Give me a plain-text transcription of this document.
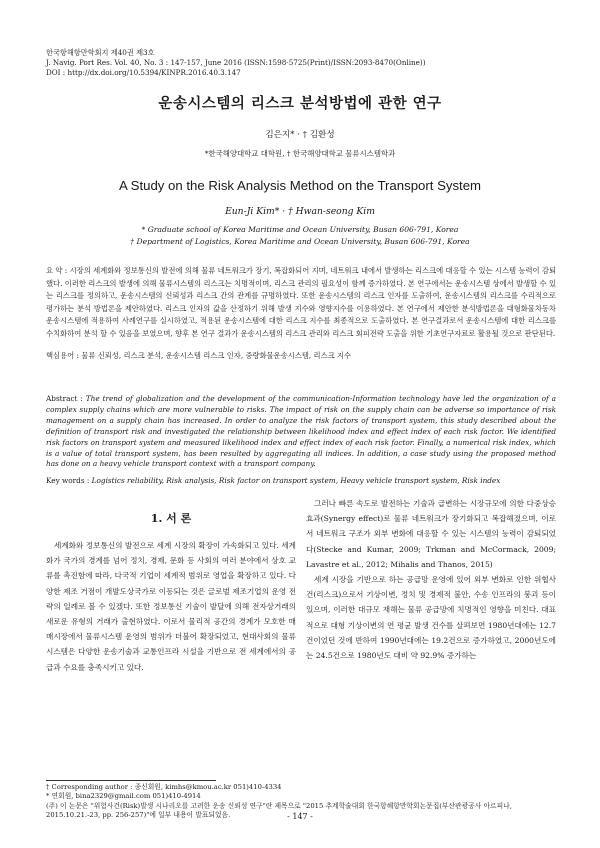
한국항해항만학회지 제40권 제3호
J. Navig. Port Res. Vol. 40, No. 3 : 147-157, June 2016 (ISSN:1598-5725(Print)/ISSN:2093-8470(Online))
DOI : http://dx.doi.org/10.5394/KINPR.2016.40.3.147
운송시스템의 리스크 분석방법에 관한 연구
김은지* · † 김환성
*한국해양대학교 대학원, † 한국해양대학교 물류시스템학과
A Study on the Risk Analysis Method on the Transport System
Eun-Ji Kim* · † Hwan-seong Kim
* Graduate school of Korea Maritime and Ocean University, Busan 606-791, Korea
† Department of Logistics, Korea Maritime and Ocean University, Busan 606-791, Korea
요 약 : 시장의 세계화와 정보통신의 발전에 의해 물류 네트워크가 장기, 복잡화되어 지며, 네트워크 내에서 발생하는 리스크에 대응할 수 있는 시스템 능력이 감퇴했다. 이러한 리스크의 발생에 의해 물류시스템의 리스크는 치명적이며, 리스크 관리의 필요성이 함께 증가하였다. 본 연구에서는 운송시스템 상에서 발생할 수 있는 리스크를 정의하고, 운송시스템의 신뢰성과 리스크 간의 관계를 규명하였다. 또한 운송시스템의 리스크 인자를 도출하여, 운송시스템의 리스크를 수리적으로 평가하는 분석 방법론을 제안하였다. 리스크 인자의 값을 산정하기 위해 발생 지수와 영향지수를 이용하였다. 본 연구에서 제안한 분석방법론을 대형화물차동차 운송시스템에 적용하여 사례연구를 실시하였고, 적용된 운송시스템에 대한 리스크 지수를 최종적으로 도출하였다. 본 연구결과로서 운송시스템에 대한 리스크를 수치화하여 분석 할 수 있음을 보였으며, 향후 본 연구 결과가 운송시스템의 리스크 관리와 리스크 회피전략 도출을 위한 기초연구자료로 활용될 것으로 판단된다.
핵심용어 : 물류 신뢰성, 리스크 분석, 운송시스템 리스크 인자, 중량화물운송시스템, 리스크 지수
Abstract : The trend of globalization and the development of the communication-Information technology have led the organization of a complex supply chains which are more vulnerable to risks. The impact of risk on the supply chain can be adverse so importance of risk management on a supply chain has increased. In order to analyze the risk factors of transport system, this study described about the definition of transport risk and investigated the relationship between likelihood index and effect index of each risk factor. We identified risk factors on transport system and measured likelihood index and effect index of each risk factor. Finally, a numerical risk index, which is a value of total transport system, has been resulted by aggregating all indices. In addition, a case study using the proposed method has done on a heavy vehicle transport context with a transport company.
Key words : Logistics reliability, Risk analysis, Risk factor on transport system, Heavy vehicle transport system, Risk index
1. 서 론

세계화와 정보통신의 발전으로 세계 시장의 확장이 가속화되고 있다. 세계화가 국가의 경계를 넘어 정치, 경제, 문화 등 사회의 여러 분야에서 상호 교류를 촉진함에 따라, 다국적 기업이 세계적 범위로 영업을 확장하고 있다. 다양한 제조 거점이 개발도상국가로 이동되는 것은 글로벌 제조기업의 운영 전략의 일례로 볼 수 있겠다. 또한 정보통신 기술이 발달에 의해 전자상거래의 새로운 유형의 거래가 출현하였다. 이로서 물리적 공간의 경계가 모호한 매매시장에서 물류시스템 운영의 범위가 더불어 확장되었고, 현대사회의 물류시스템은 다양한 운송기술과 교통인프라 시설을 기반으로 전 세계에서의 공급과 수요를 충족시키고 있다.

그러나 빠른 속도로 발전하는 기술과 급변하는 시장규모에 의한 다중상승효과(Synergy effect)로 물류 네트워크가 장기화되고 복잡해졌으며, 이로서 네트워크 구조가 외부 변화에 대응할 수 있는 시스템의 능력이 감퇴되었다(Stecke and Kumar, 2009; Trkman and McCormack, 2009; Lavastre et al., 2012; Mihalis and Thanos, 2015)

세계 시장을 기반으로 하는 공급망 운영에 있어 외부 변화로 인한 위협사건(리스크)으로서 기상이변, 정치 및 경제적 불안, 수송 인프라의 붕괴 등이 있으며, 이러한 대규모 재해는 물류 공급망에 치명적인 영향을 미친다. 대표적으로 대형 기상이변의 연 평균 발생 건수를 살펴보면 1980년대에는 12.7건이었던 것에 반하여 1990년대에는 19.2건으로 증가하였고, 2000년도에는 24.5건으로 1980년도 대비 약 92.9% 증가하는

† Corresponding author : 종신회원, kimhs@kmou.ac.kr 051)410-4334
* 연회원, bina2329@gmail.com 051)410-4914
(주) 이 논문은 "위험사건(Risk)발생 시나리오를 고려한 운송 신뢰성 연구"란 제목으로 "2015 추계학술대회 한국항해항만학회논문집(부산관광공사 아르피나, 2015.10.21.-23, pp. 256-257)"에 일부 내용이 발표되었음.	- 147 -
